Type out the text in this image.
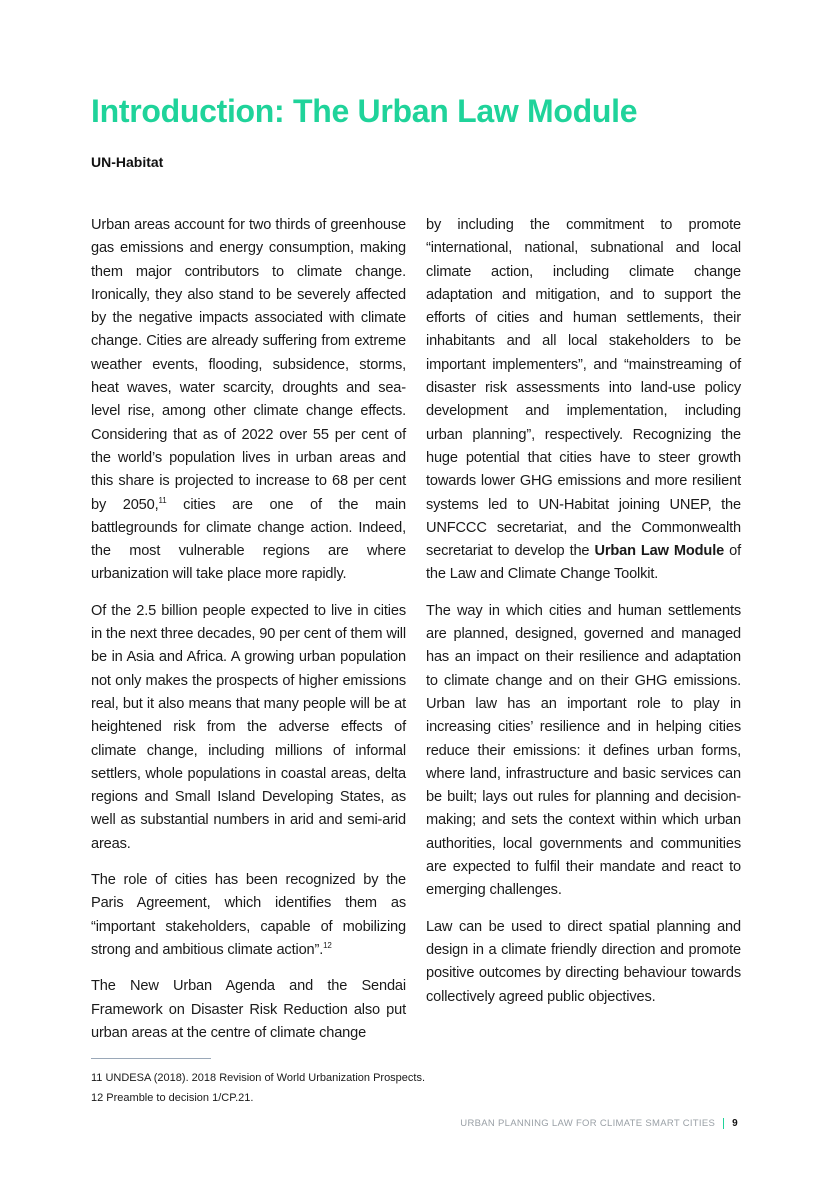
Introduction: The Urban Law Module
UN-Habitat

Urban areas account for two thirds of greenhouse gas emissions and energy consumption, making them major contributors to climate change. Ironically, they also stand to be severely affected by the negative impacts associated with climate change. Cities are already suffering from extreme weather events, flooding, subsidence, storms, heat waves, water scarcity, droughts and sea-level rise, among other climate change effects. Considering that as of 2022 over 55 per cent of the world’s population lives in urban areas and this share is projected to increase to 68 per cent by 2050,11 cities are one of the main battlegrounds for climate change action. Indeed, the most vulnerable regions are where urbanization will take place more rapidly.

Of the 2.5 billion people expected to live in cities in the next three decades, 90 per cent of them will be in Asia and Africa. A growing urban population not only makes the prospects of higher emissions real, but it also means that many people will be at heightened risk from the adverse effects of climate change, including millions of informal settlers, whole populations in coastal areas, delta regions and Small Island Developing States, as well as substantial numbers in arid and semi-arid areas.

The role of cities has been recognized by the Paris Agreement, which identifies them as “important stakeholders, capable of mobilizing strong and ambitious climate action”.$^{12}$

The New Urban Agenda and the Sendai Framework on Disaster Risk Reduction also put urban areas at the centre of climate change

by including the commitment to promote “international, national, subnational and local climate action, including climate change adaptation and mitigation, and to support the efforts of cities and human settlements, their inhabitants and all local stakeholders to be important implementers”, and “mainstreaming of disaster risk assessments into land-use policy development and implementation, including urban planning”, respectively. Recognizing the huge potential that cities have to steer growth towards lower GHG emissions and more resilient systems led to UN-Habitat joining UNEP, the UNFCCC secretariat, and the Commonwealth secretariat to develop the Urban Law Module of the Law and Climate Change Toolkit.

The way in which cities and human settlements are planned, designed, governed and managed has an impact on their resilience and adaptation to climate change and on their GHG emissions. Urban law has an important role to play in increasing cities’ resilience and in helping cities reduce their emissions: it defines urban forms, where land, infrastructure and basic services can be built; lays out rules for planning and decision-making; and sets the context within which urban authorities, local governments and communities are expected to fulfil their mandate and react to emerging challenges.

Law can be used to direct spatial planning and design in a climate friendly direction and promote positive outcomes by directing behaviour towards collectively agreed public objectives.

11 UNDESA (2018). 2018 Revision of World Urbanization Prospects.
12 Preamble to decision 1/CP.21.
URBAN PLANNING LAW FOR CLIMATE SMART CITIES 9
